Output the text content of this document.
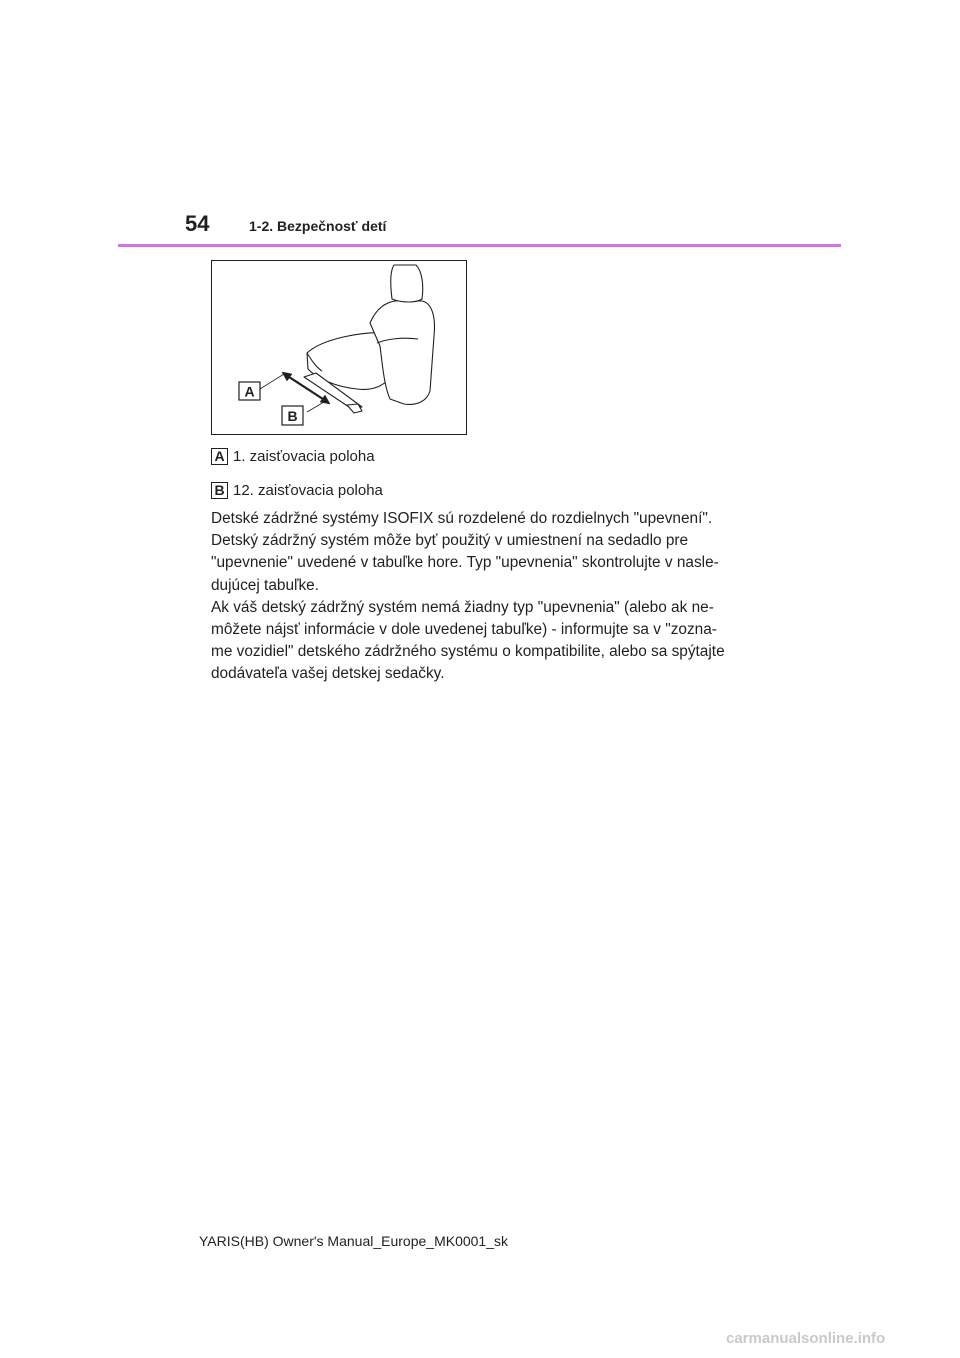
54	1-2. Bezpečnosť detí
A
B
A 1. zaisťovacia poloha
B 12. zaisťovacia poloha

Detské zádržné systémy ISOFIX sú rozdelené do rozdielnych "upevnení".
Detský zádržný systém môže byť použitý v umiestnení na sedadlo pre
"upevnenie" uvedené v tabuľke hore. Typ "upevnenia" skontrolujte v nasle-
dujúcej tabuľke.
Ak váš detský zádržný systém nemá žiadny typ "upevnenia" (alebo ak ne-
môžete nájsť informácie v dole uvedenej tabuľke) - informujte sa v "zozna-
me vozidiel" detského zádržného systému o kompatibilite, alebo sa spýtajte
dodávateľa vašej detskej sedačky.

YARIS(HB) Owner's Manual_Europe_MK0001_sk
carmanualsonline.info
